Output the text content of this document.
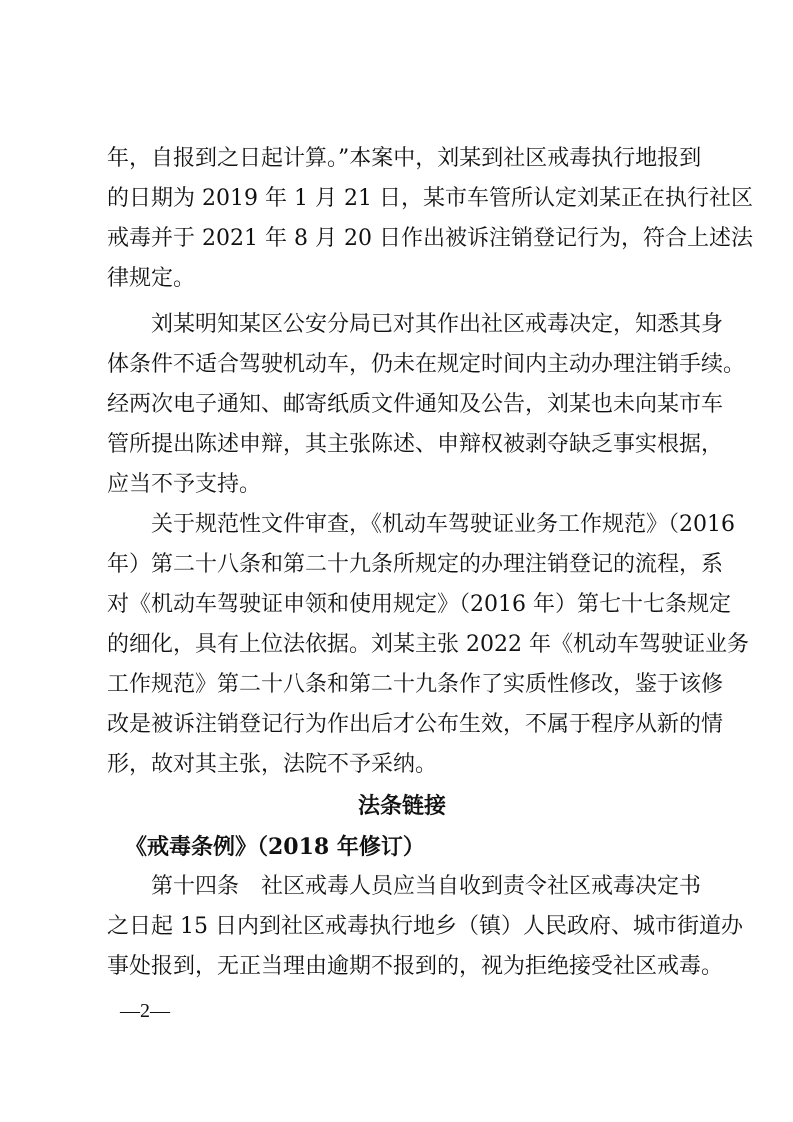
年，自报到之日起计算。”本案中，刘某到社区戒毒执行地报到
的日期为 2019 年 1 月 21 日，某市车管所认定刘某正在执行社区
戒毒并于 2021 年 8 月 20 日作出被诉注销登记行为，符合上述法
律规定。
　　刘某明知某区公安分局已对其作出社区戒毒决定，知悉其身
体条件不适合驾驶机动车，仍未在规定时间内主动办理注销手续。
经两次电子通知、邮寄纸质文件通知及公告，刘某也未向某市车
管所提出陈述申辩，其主张陈述、申辩权被剥夺缺乏事实根据，
应当不予支持。
　　关于规范性文件审查，《机动车驾驶证业务工作规范》（2016
年）第二十八条和第二十九条所规定的办理注销登记的流程，系
对《机动车驾驶证申领和使用规定》（2016 年）第七十七条规定
的细化，具有上位法依据。刘某主张 2022 年《机动车驾驶证业务
工作规范》第二十八条和第二十九条作了实质性修改，鉴于该修
改是被诉注销登记行为作出后才公布生效，不属于程序从新的情
形，故对其主张，法院不予采纳。
法条链接
《戒毒条例》（2018 年修订）
　　第十四条　社区戒毒人员应当自收到责令社区戒毒决定书
之日起 15 日内到社区戒毒执行地乡（镇）人民政府、城市街道办
事处报到，无正当理由逾期不报到的，视为拒绝接受社区戒毒。
—2—
